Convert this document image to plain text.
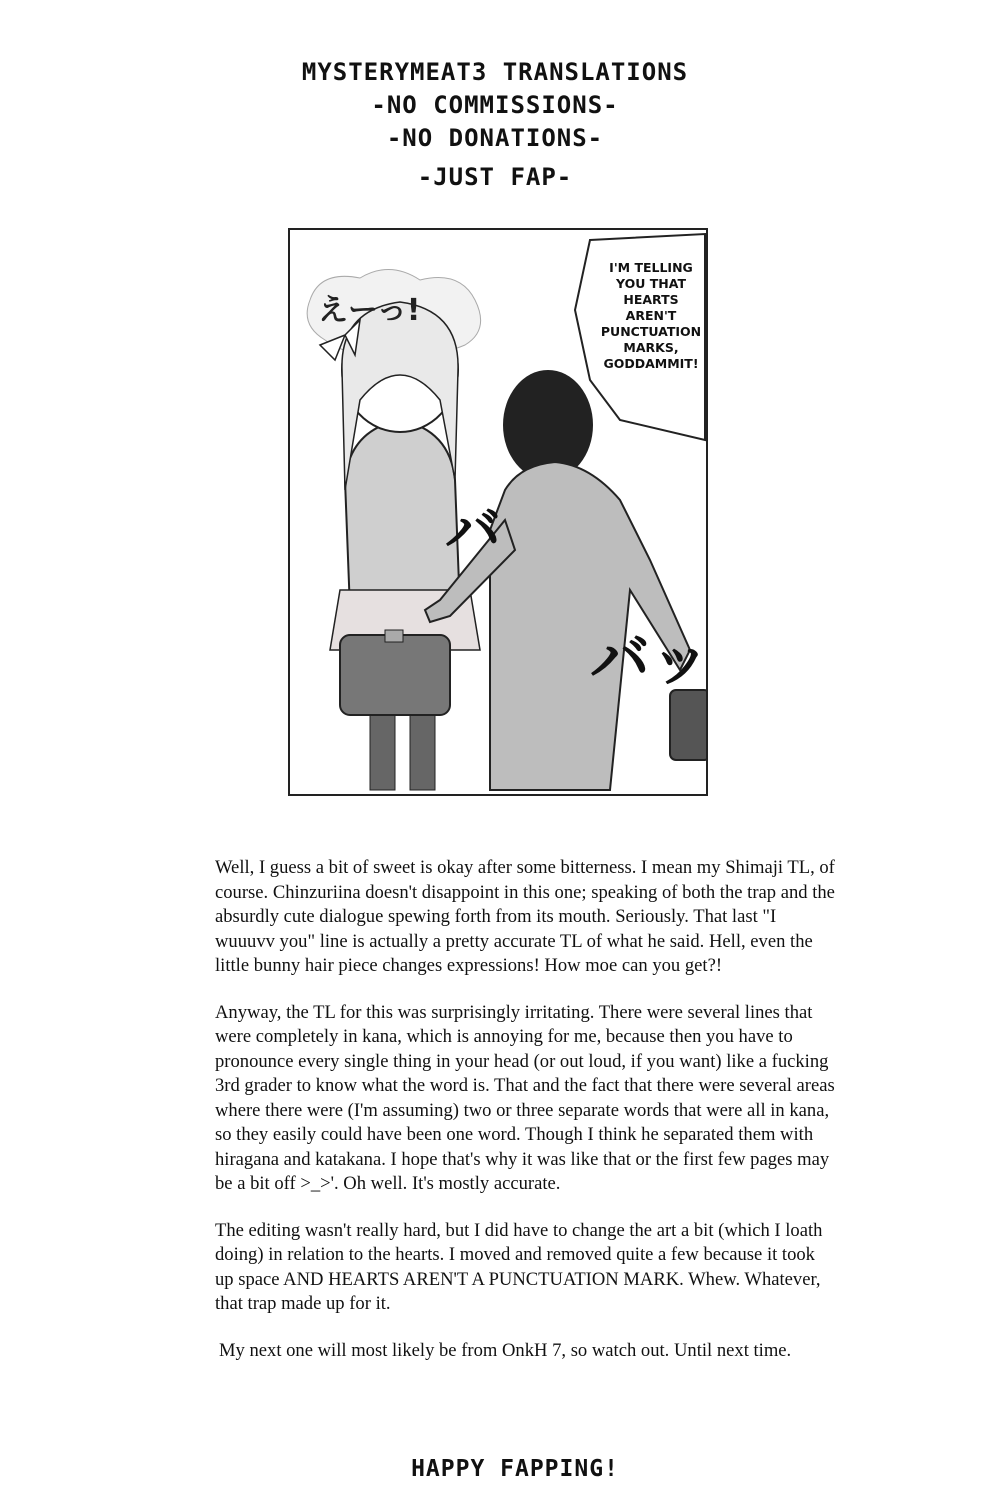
MYSTERYMEAT3 TRANSLATIONS
-NO COMMISSIONS-
-NO DONATIONS-
-JUST FAP-
えーっ!
バ
バッ
I'M TELLING YOU THAT HEARTS AREN'T PUNCTUATION MARKS, GODDAMMIT!

Well, I guess a bit of sweet is okay after some bitterness. I mean my Shimaji TL, of course. Chinzuriina doesn't disappoint in this one; speaking of both the trap and the absurdly cute dialogue spewing forth from its mouth. Seriously. That last "I wuuuvv you" line is actually a pretty accurate TL of what he said. Hell, even the little bunny hair piece changes expressions! How moe can you get?!

Anyway, the TL for this was surprisingly irritating. There were several lines that were completely in kana, which is annoying for me, because then you have to pronounce every single thing in your head (or out loud, if you want) like a fucking 3rd grader to know what the word is. That and the fact that there were several areas where there were (I'm assuming) two or three separate words that were all in kana, so they easily could have been one word. Though I think he separated them with hiragana and katakana. I hope that's why it was like that or the first few pages may be a bit off >_>'. Oh well. It's mostly accurate.

The editing wasn't really hard, but I did have to change the art a bit (which I loath doing) in relation to the hearts. I moved and removed quite a few because it took up space AND HEARTS AREN'T A PUNCTUATION MARK. Whew. Whatever, that trap made up for it.

My next one will most likely be from OnkH 7, so watch out. Until next time.

HAPPY FAPPING!
